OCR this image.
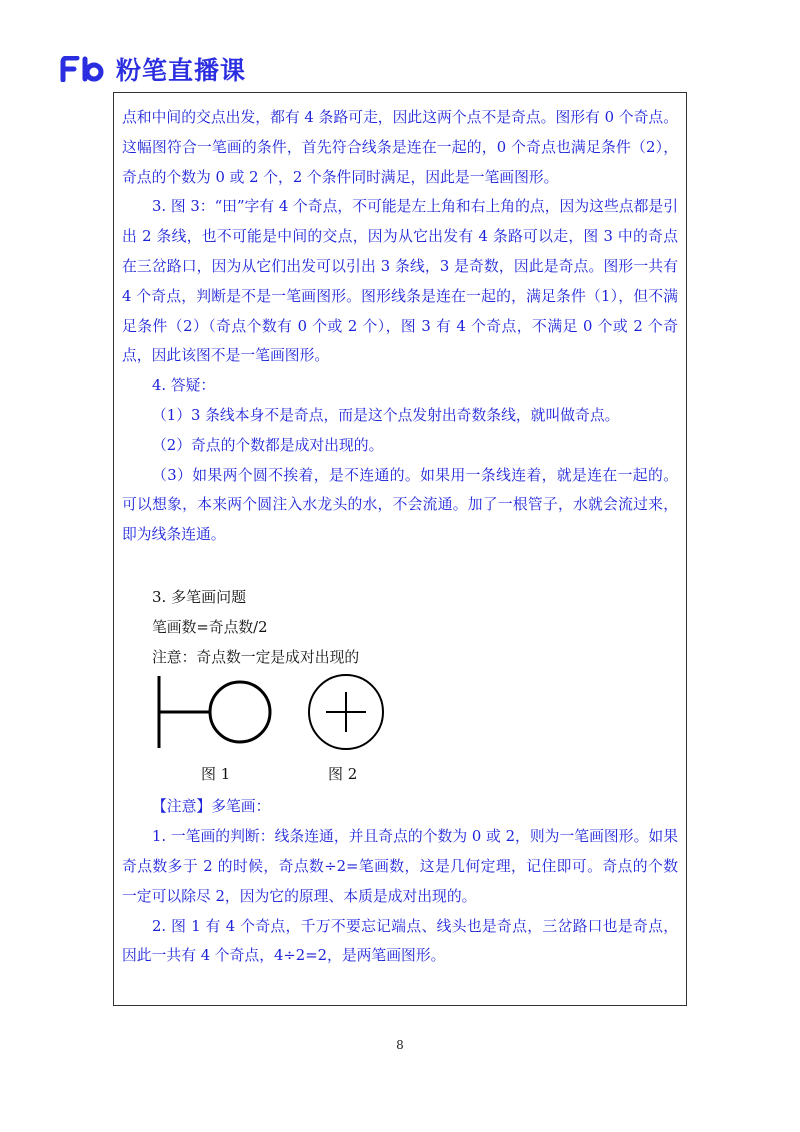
粉笔直播课

点和中间的交点出发，都有 4 条路可走，因此这两个点不是奇点。图形有 0 个奇点。这幅图符合一笔画的条件，首先符合线条是连在一起的，0 个奇点也满足条件（2），奇点的个数为 0 或 2 个，2 个条件同时满足，因此是一笔画图形。

3. 图 3：“田”字有 4 个奇点，不可能是左上角和右上角的点，因为这些点都是引出 2 条线，也不可能是中间的交点，因为从它出发有 4 条路可以走，图 3 中的奇点在三岔路口，因为从它们出发可以引出 3 条线，3 是奇数，因此是奇点。图形一共有 4 个奇点，判断是不是一笔画图形。图形线条是连在一起的，满足条件（1），但不满足条件（2）（奇点个数有 0 个或 2 个），图 3 有 4 个奇点，不满足 0 个或 2 个奇点，因此该图不是一笔画图形。

4. 答疑：

（1）3 条线本身不是奇点，而是这个点发射出奇数条线，就叫做奇点。

（2）奇点的个数都是成对出现的。

（3）如果两个圆不挨着，是不连通的。如果用一条线连着，就是连在一起的。可以想象，本来两个圆注入水龙头的水，不会流通。加了一根管子，水就会流过来，即为线条连通。

3. 多笔画问题

笔画数=奇点数/2

注意：奇点数一定是成对出现的

图 1	图 2

【注意】多笔画：

1. 一笔画的判断：线条连通，并且奇点的个数为 0 或 2，则为一笔画图形。如果奇点数多于 2 的时候，奇点数÷2=笔画数，这是几何定理，记住即可。奇点的个数一定可以除尽 2，因为它的原理、本质是成对出现的。

2. 图 1 有 4 个奇点，千万不要忘记端点、线头也是奇点，三岔路口也是奇点，因此一共有 4 个奇点，4÷2=2，是两笔画图形。

8
